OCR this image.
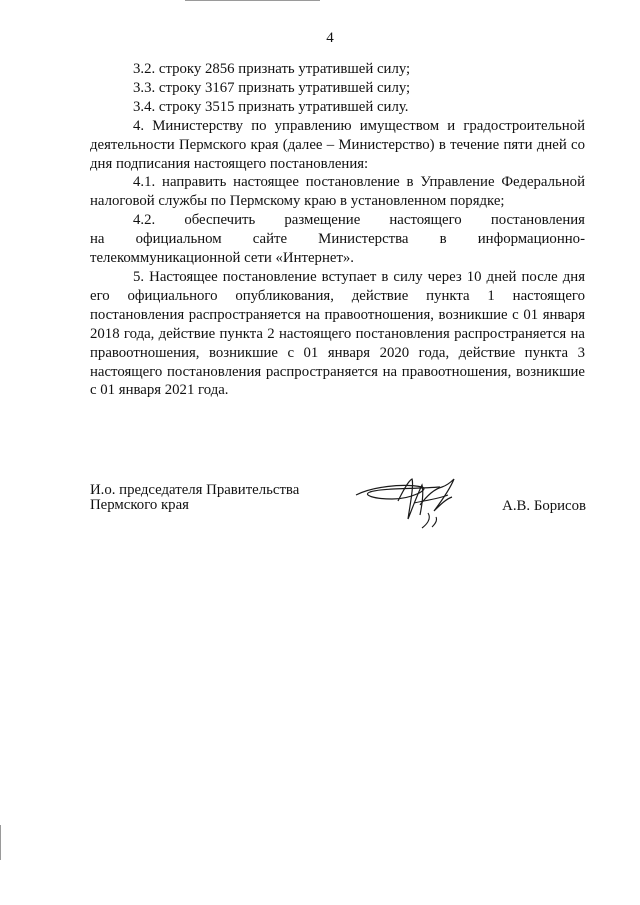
4

3.2. строку 2856 признать утратившей силу;

3.3. строку 3167 признать утратившей силу;

3.4. строку 3515 признать утратившей силу.

4. Министерству по управлению имуществом и градостроительной деятельности Пермского края (далее – Министерство) в течение пяти дней со дня подписания настоящего постановления:

4.1. направить настоящее постановление в Управление Федеральной налоговой службы по Пермскому краю в установленном порядке;

4.2. обеспечить размещение настоящего постановления
на официальном сайте Министерства в информационно-
телекоммуникационной сети «Интернет».

5. Настоящее постановление вступает в силу через 10 дней после дня его официального опубликования, действие пункта 1 настоящего постановления распространяется на правоотношения, возникшие с 01 января 2018 года, действие пункта 2 настоящего постановления распространяется на правоотношения, возникшие с 01 января 2020 года, действие пункта 3 настоящего постановления распространяется на правоотношения, возникшие с 01 января 2021 года.

И.о. председателя Правительства
Пермского края	А.В. Борисов
